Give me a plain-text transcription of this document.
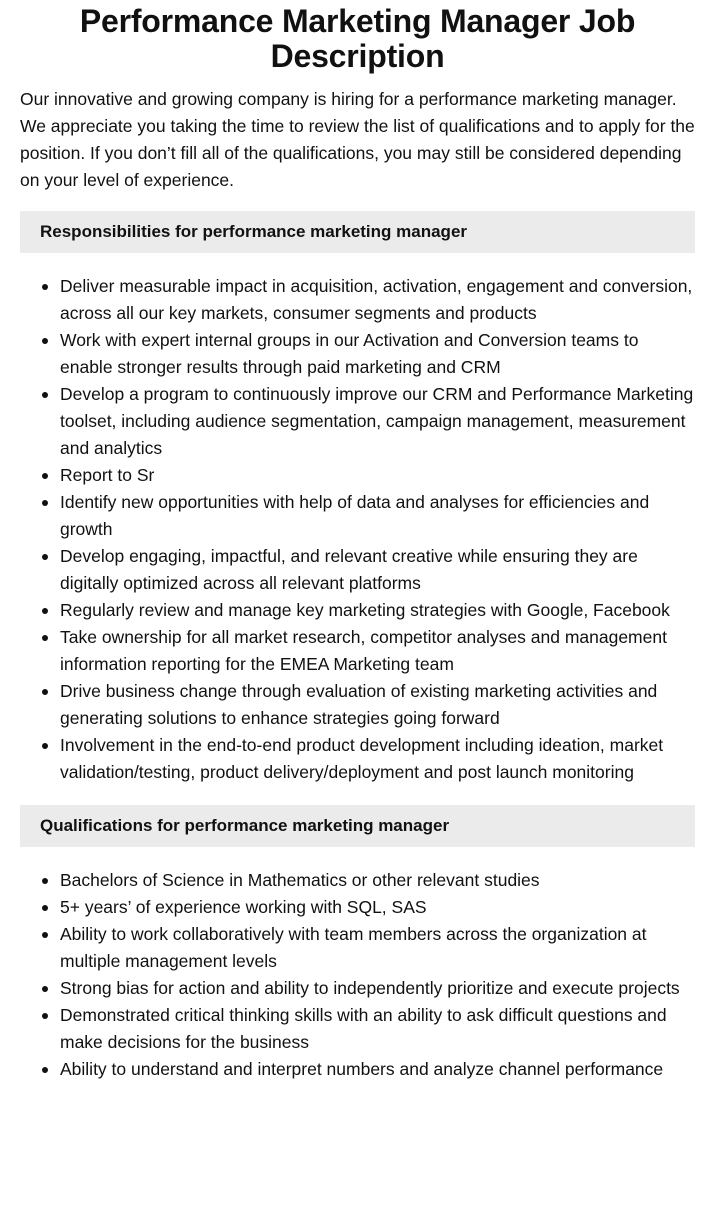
Performance Marketing Manager Job Description

Our innovative and growing company is hiring for a performance marketing manager. We appreciate you taking the time to review the list of qualifications and to apply for the position. If you don’t fill all of the qualifications, you may still be considered depending on your level of experience.

Responsibilities for performance marketing manager
Deliver measurable impact in acquisition, activation, engagement and conversion, across all our key markets, consumer segments and products
Work with expert internal groups in our Activation and Conversion teams to enable stronger results through paid marketing and CRM
Develop a program to continuously improve our CRM and Performance Marketing toolset, including audience segmentation, campaign management, measurement and analytics
Report to Sr
Identify new opportunities with help of data and analyses for efficiencies and growth
Develop engaging, impactful, and relevant creative while ensuring they are digitally optimized across all relevant platforms
Regularly review and manage key marketing strategies with Google, Facebook
Take ownership for all market research, competitor analyses and management information reporting for the EMEA Marketing team
Drive business change through evaluation of existing marketing activities and generating solutions to enhance strategies going forward
Involvement in the end-to-end product development including ideation, market validation/testing, product delivery/deployment and post launch monitoring
Qualifications for performance marketing manager
Bachelors of Science in Mathematics or other relevant studies
5+ years’ of experience working with SQL, SAS
Ability to work collaboratively with team members across the organization at multiple management levels
Strong bias for action and ability to independently prioritize and execute projects
Demonstrated critical thinking skills with an ability to ask difficult questions and make decisions for the business
Ability to understand and interpret numbers and analyze channel performance
